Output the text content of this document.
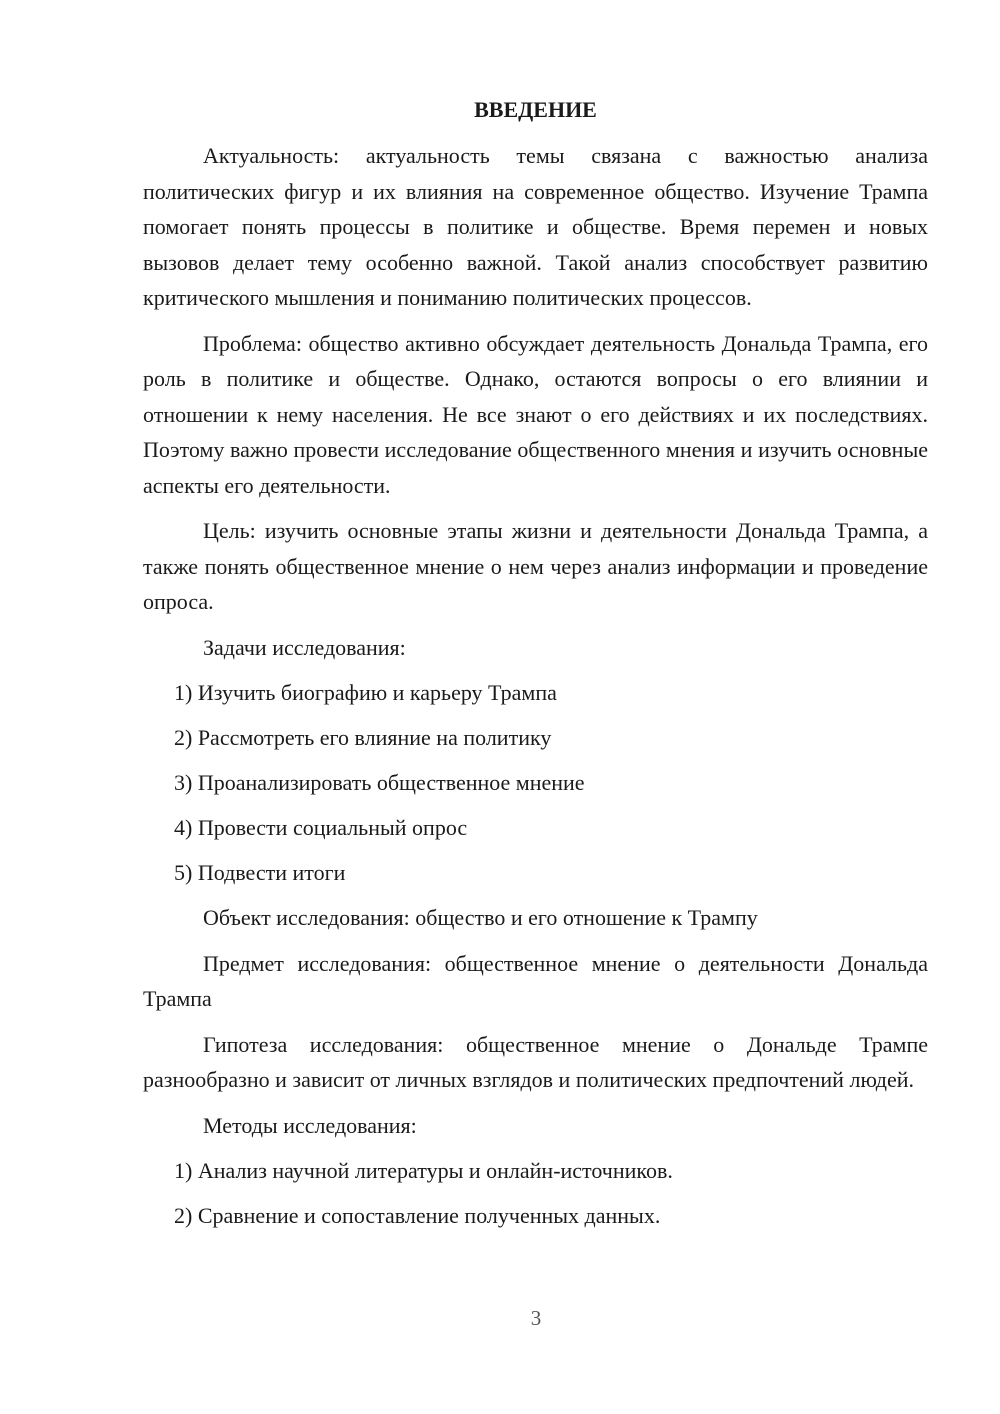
ВВЕДЕНИЕ

Актуальность: актуальность темы связана с важностью анализа политических фигур и их влияния на современное общество. Изучение Трампа помогает понять процессы в политике и обществе. Время перемен и новых вызовов делает тему особенно важной. Такой анализ способствует развитию критического мышления и пониманию политических процессов.

Проблема: общество активно обсуждает деятельность Дональда Трампа, его роль в политике и обществе. Однако, остаются вопросы о его влиянии и отношении к нему населения. Не все знают о его действиях и их последствиях. Поэтому важно провести исследование общественного мнения и изучить основные аспекты его деятельности.

Цель: изучить основные этапы жизни и деятельности Дональда Трампа, а также понять общественное мнение о нем через анализ информации и проведение опроса.

Задачи исследования:
1) Изучить биографию и карьеру Трампа
2) Рассмотреть его влияние на политику
3) Проанализировать общественное мнение
4) Провести социальный опрос
5) Подвести итоги
Объект исследования: общество и его отношение к Трампу

Предмет исследования: общественное мнение о деятельности Дональда Трампа

Гипотеза исследования: общественное мнение о Дональде Трампе разнообразно и зависит от личных взглядов и политических предпочтений людей.

Методы исследования:
1) Анализ научной литературы и онлайн-источников.
2) Сравнение и сопоставление полученных данных.
3
